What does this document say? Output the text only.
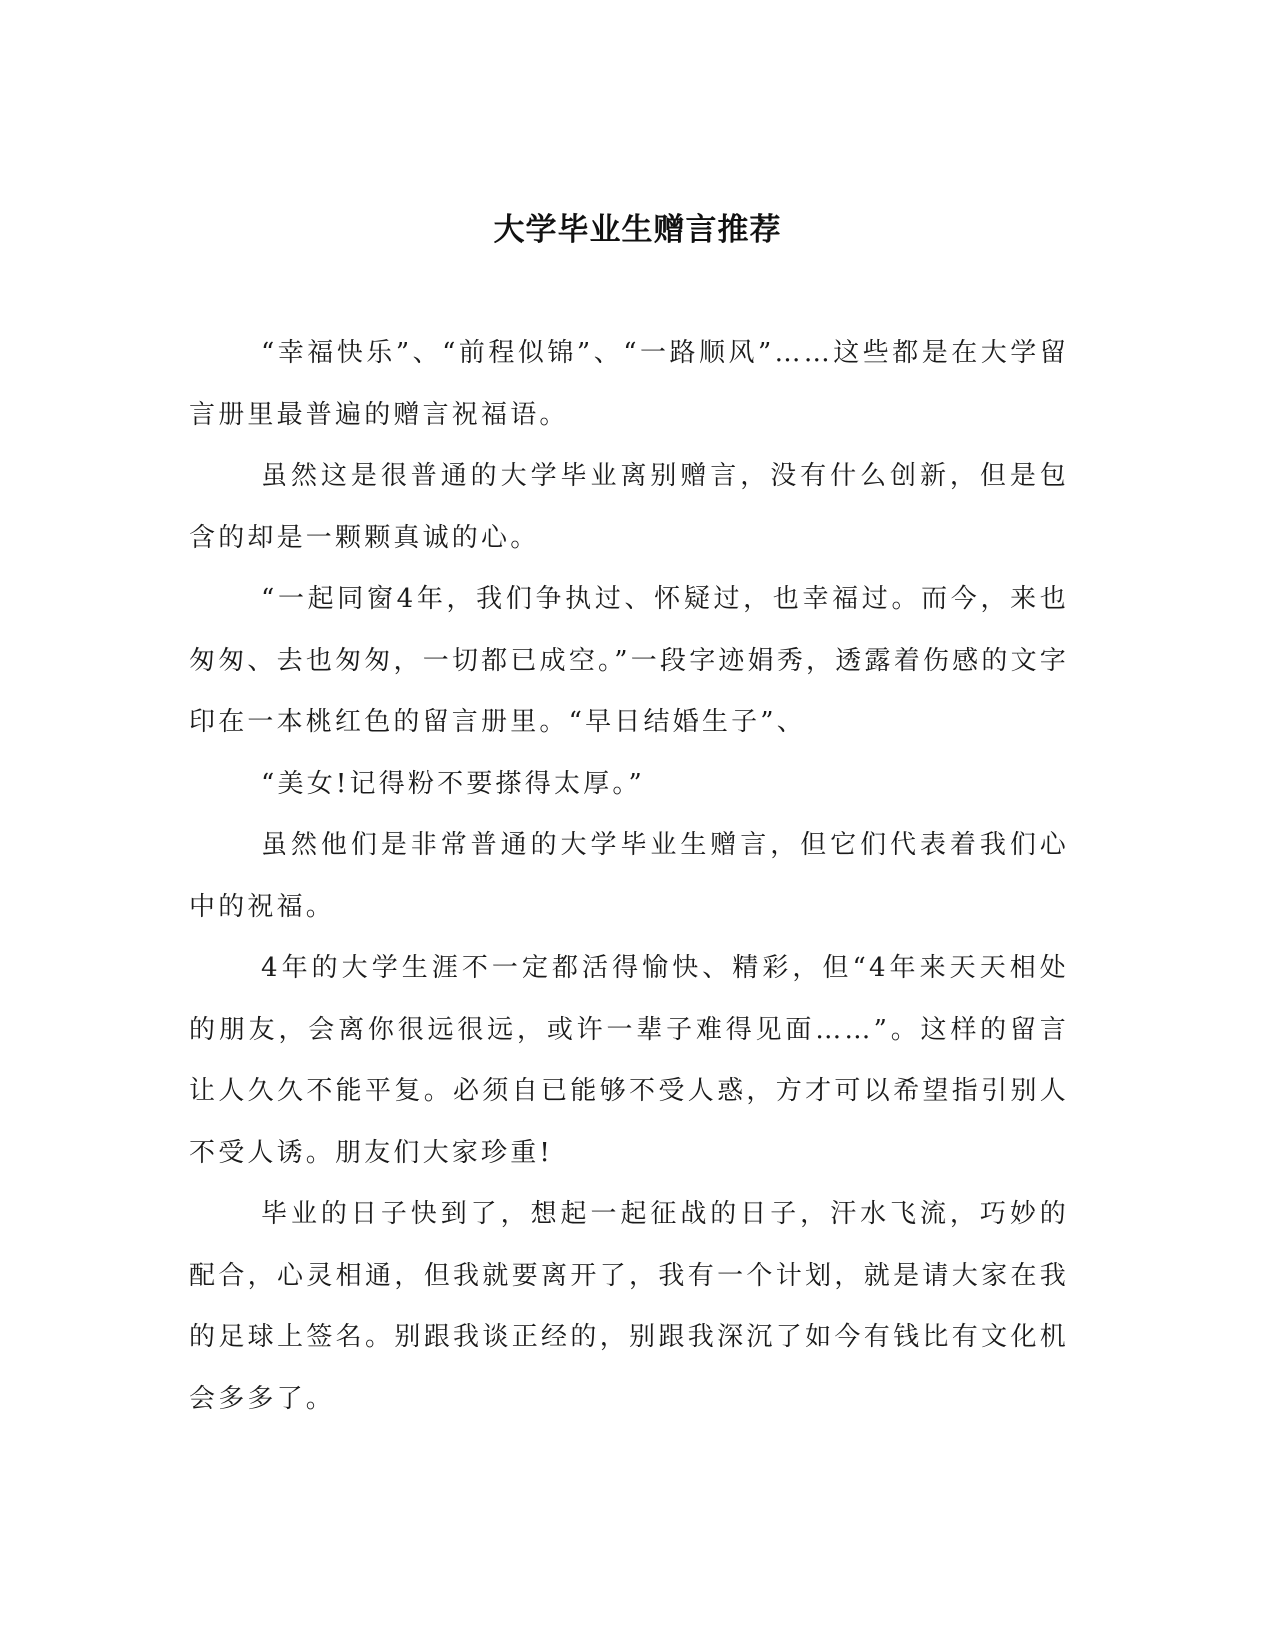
大学毕业生赠言推荐

“幸福快乐”、“前程似锦”、“一路顺风”……这些都是在大学留言册里最普遍的赠言祝福语。

虽然这是很普通的大学毕业离别赠言，没有什么创新，但是包含的却是一颗颗真诚的心。

“一起同窗4年，我们争执过、怀疑过，也幸福过。而今，来也匆匆、去也匆匆，一切都已成空。”一段字迹娟秀，透露着伤感的文字印在一本桃红色的留言册里。“早日结婚生子”、

“美女!记得粉不要搽得太厚。”

虽然他们是非常普通的大学毕业生赠言，但它们代表着我们心中的祝福。

4年的大学生涯不一定都活得愉快、精彩，但“4年来天天相处的朋友，会离你很远很远，或许一辈子难得见面……”。这样的留言让人久久不能平复。必须自已能够不受人惑，方才可以希望指引别人不受人诱。朋友们大家珍重!

毕业的日子快到了，想起一起征战的日子，汗水飞流，巧妙的配合，心灵相通，但我就要离开了，我有一个计划，就是请大家在我的足球上签名。别跟我谈正经的，别跟我深沉了如今有钱比有文化机会多多了。
